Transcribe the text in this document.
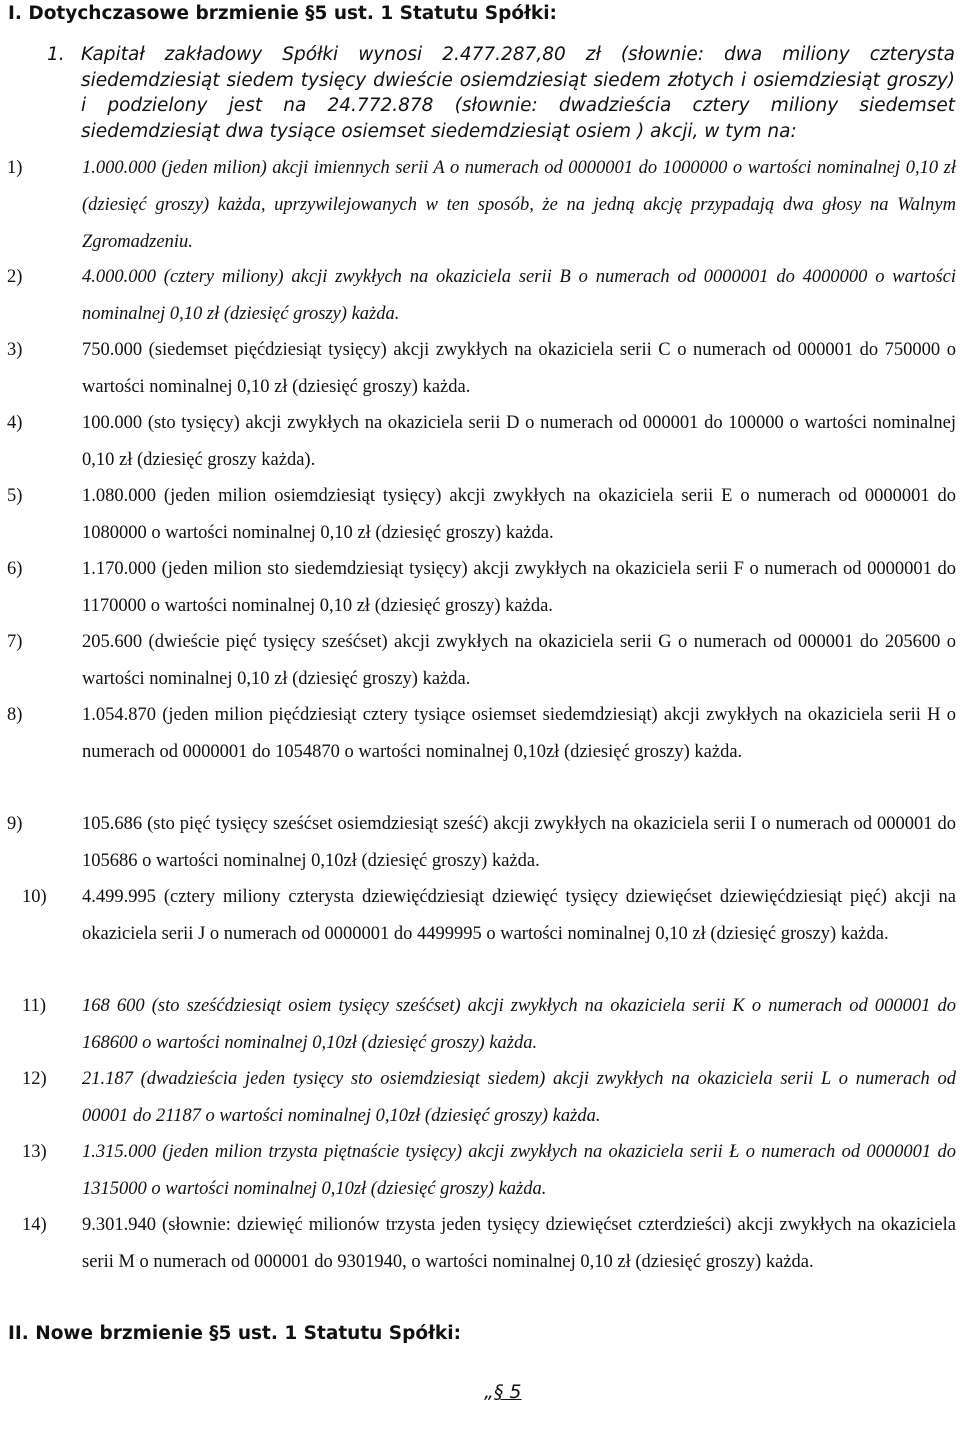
I. Dotychczasowe brzmienie §5 ust. 1 Statutu Spółki:
1. Kapitał zakładowy Spółki wynosi 2.477.287,80 zł (słownie: dwa miliony czterysta siedemdziesiąt siedem tysięcy dwieście osiemdziesiąt siedem złotych i osiemdziesiąt groszy) i podzielony jest na 24.772.878 (słownie: dwadzieścia cztery miliony siedemset siedemdziesiąt dwa tysiące osiemset siedemdziesiąt osiem ) akcji, w tym na:
1)	1.000.000 (jeden milion) akcji imiennych serii A o numerach od 0000001 do 1000000 o wartości nominalnej 0,10 zł (dziesięć groszy) każda, uprzywilejowanych w ten sposób, że na jedną akcję przypadają dwa głosy na Walnym Zgromadzeniu.
2)	4.000.000 (cztery miliony) akcji zwykłych na okaziciela serii B o numerach od 0000001 do 4000000 o wartości nominalnej 0,10 zł (dziesięć groszy) każda.
3)	750.000 (siedemset pięćdziesiąt tysięcy) akcji zwykłych na okaziciela serii C o numerach od 000001 do 750000 o wartości nominalnej 0,10 zł (dziesięć groszy) każda.
4)	100.000 (sto tysięcy) akcji zwykłych na okaziciela serii D o numerach od 000001 do 100000 o wartości nominalnej 0,10 zł (dziesięć groszy każda).
5)	1.080.000 (jeden milion osiemdziesiąt tysięcy) akcji zwykłych na okaziciela serii E o numerach od 0000001 do 1080000 o wartości nominalnej 0,10 zł (dziesięć groszy) każda.
6)	1.170.000 (jeden milion sto siedemdziesiąt tysięcy) akcji zwykłych na okaziciela serii F o numerach od 0000001 do 1170000 o wartości nominalnej 0,10 zł (dziesięć groszy) każda.
7)	205.600 (dwieście pięć tysięcy sześćset) akcji zwykłych na okaziciela serii G o numerach od 000001 do 205600 o wartości nominalnej 0,10 zł (dziesięć groszy) każda.
8)	1.054.870 (jeden milion pięćdziesiąt cztery tysiące osiemset siedemdziesiąt) akcji zwykłych na okaziciela serii H o numerach od 0000001 do 1054870 o wartości nominalnej 0,10zł (dziesięć groszy) każda.
9)	105.686 (sto pięć tysięcy sześćset osiemdziesiąt sześć) akcji zwykłych na okaziciela serii I o numerach od 000001 do 105686 o wartości nominalnej 0,10zł (dziesięć groszy) każda.
10) 4.499.995 (cztery miliony czterysta dziewięćdziesiąt dziewięć tysięcy dziewięćset dziewięćdziesiąt pięć) akcji na okaziciela serii J o numerach od 0000001 do 4499995 o wartości nominalnej 0,10 zł (dziesięć groszy) każda.
11) 168 600 (sto sześćdziesiąt osiem tysięcy sześćset) akcji zwykłych na okaziciela serii K o numerach od 000001 do 168600 o wartości nominalnej 0,10zł (dziesięć groszy) każda.
12) 21.187 (dwadzieścia jeden tysięcy sto osiemdziesiąt siedem) akcji zwykłych na okaziciela serii L o numerach od 00001 do 21187 o wartości nominalnej 0,10zł (dziesięć groszy) każda.
13) 1.315.000 (jeden milion trzysta piętnaście tysięcy) akcji zwykłych na okaziciela serii Ł o numerach od 0000001 do 1315000 o wartości nominalnej 0,10zł (dziesięć groszy) każda.
14) 9.301.940 (słownie: dziewięć milionów trzysta jeden tysięcy dziewięćset czterdzieści) akcji zwykłych na okaziciela serii M o numerach od 000001 do 9301940, o wartości nominalnej 0,10 zł (dziesięć groszy) każda.
II. Nowe brzmienie §5 ust. 1 Statutu Spółki:
„§ 5
